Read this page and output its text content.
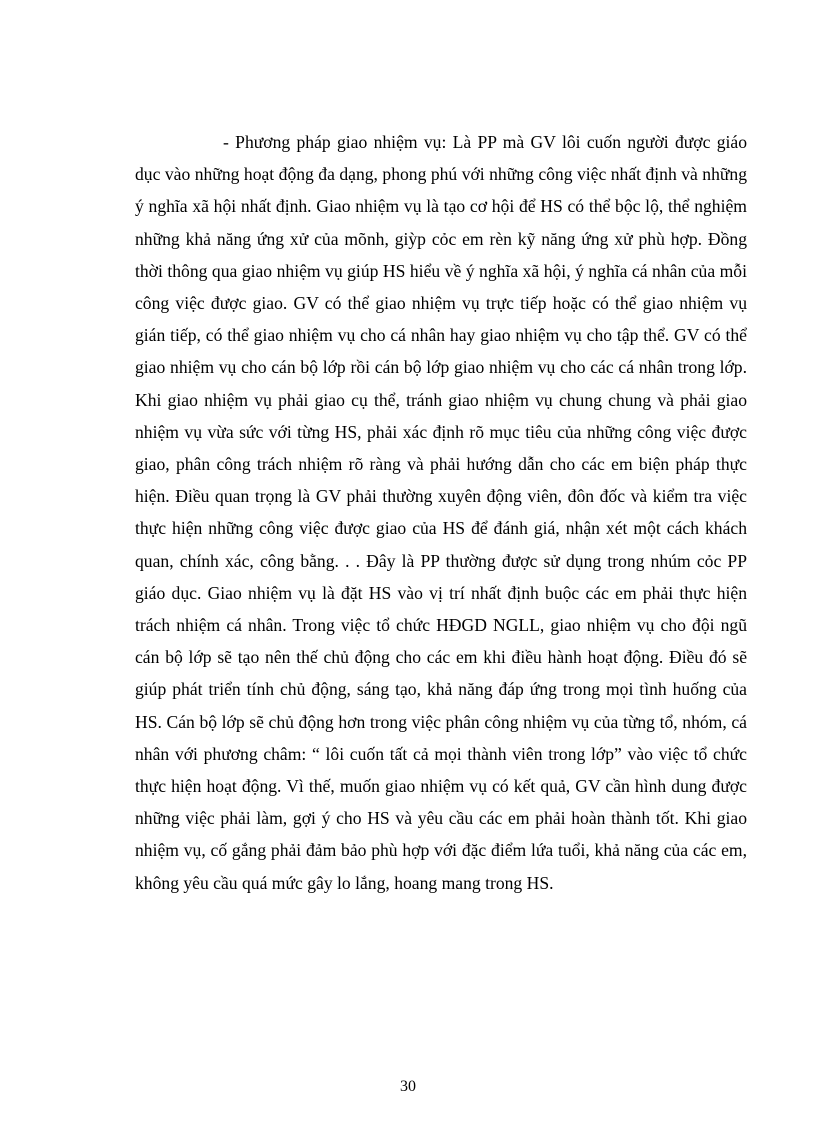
- Phương pháp giao nhiệm vụ: Là PP mà GV lôi cuốn người được giáo dục vào những hoạt động đa dạng, phong phú với những công việc nhất định và những ý nghĩa xã hội nhất định. Giao nhiệm vụ là tạo cơ hội để HS có thể bộc lộ, thể nghiệm những khả năng ứng xử của mõnh, giỳp cỏc em rèn kỹ năng ứng xử phù hợp. Đồng thời thông qua giao nhiệm vụ giúp HS hiểu về ý nghĩa xã hội, ý nghĩa cá nhân của mỗi công việc được giao. GV có thể giao nhiệm vụ trực tiếp hoặc có thể giao nhiệm vụ gián tiếp, có thể giao nhiệm vụ cho cá nhân hay giao nhiệm vụ cho tập thể. GV có thể giao nhiệm vụ cho cán bộ lớp rồi cán bộ lớp giao nhiệm vụ cho các cá nhân trong lớp. Khi giao nhiệm vụ phải giao cụ thể, tránh giao nhiệm vụ chung chung và phải giao nhiệm vụ vừa sức với từng HS, phải xác định rõ mục tiêu của những công việc được giao, phân công trách nhiệm rõ ràng và phải hướng dẫn cho các em biện pháp thực hiện. Điều quan trọng là GV phải thường xuyên động viên, đôn đốc và kiểm tra việc thực hiện những công việc được giao của HS để đánh giá, nhận xét một cách khách quan, chính xác, công bằng. . . Đây là PP thường được sử dụng trong nhúm cỏc PP giáo dục. Giao nhiệm vụ là đặt HS vào vị trí nhất định buộc các em phải thực hiện trách nhiệm cá nhân. Trong việc tổ chức HĐGD NGLL, giao nhiệm vụ cho đội ngũ cán bộ lớp sẽ tạo nên thế chủ động cho các em khi điều hành hoạt động. Điều đó sẽ giúp phát triển tính chủ động, sáng tạo, khả năng đáp ứng trong mọi tình huống của HS. Cán bộ lớp sẽ chủ động hơn trong việc phân công nhiệm vụ của từng tổ, nhóm, cá nhân với phương châm: “ lôi cuốn tất cả mọi thành viên trong lớp” vào việc tổ chức thực hiện hoạt động. Vì thế, muốn giao nhiệm vụ có kết quả, GV cần hình dung được những việc phải làm, gợi ý cho HS và yêu cầu các em phải hoàn thành tốt. Khi giao nhiệm vụ, cố gắng phải đảm bảo phù hợp với đặc điểm lứa tuổi, khả năng của các em, không yêu cầu quá mức gây lo lắng, hoang mang trong HS.

30
